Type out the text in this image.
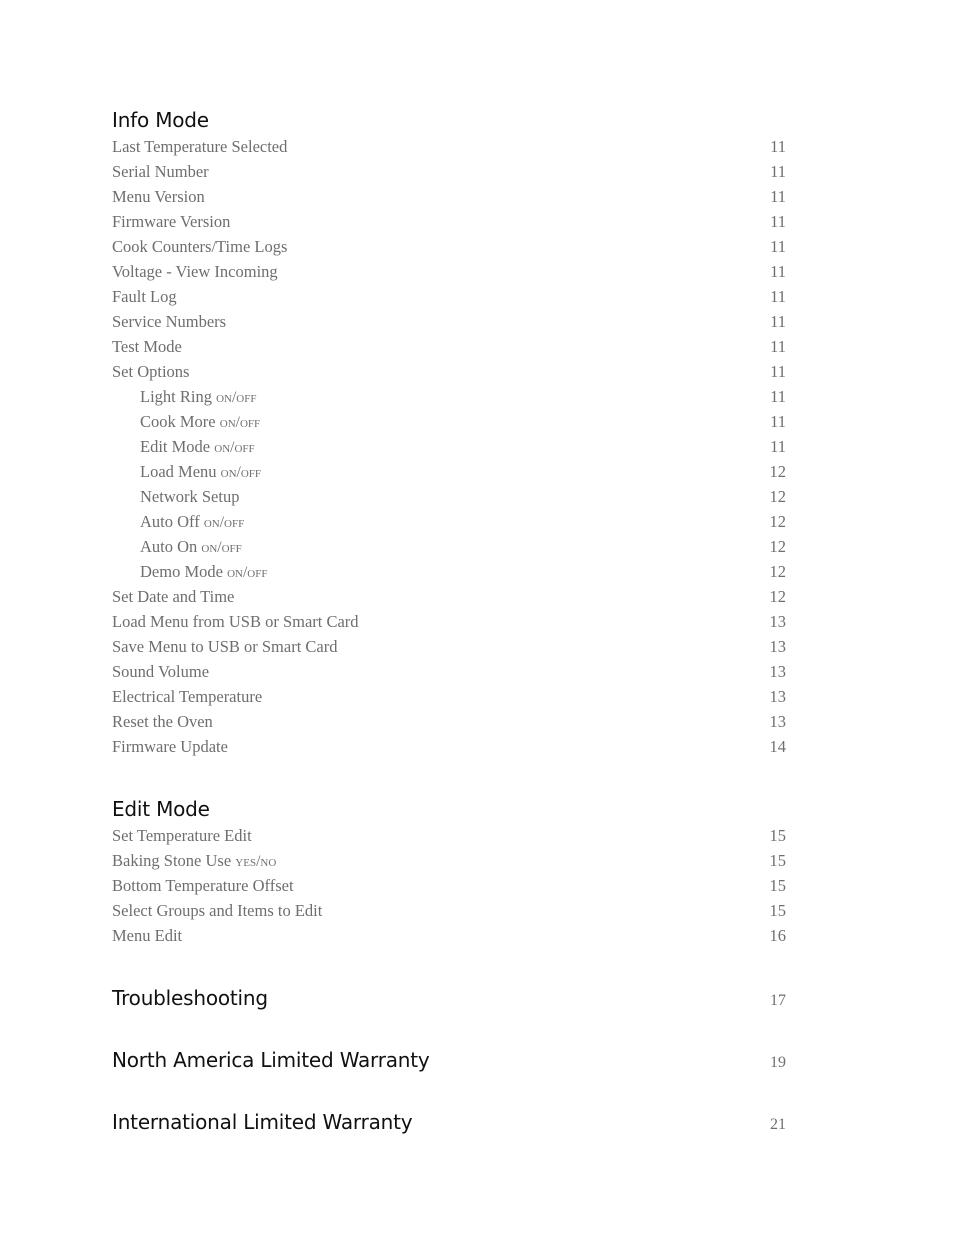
Info Mode
Last Temperature Selected	11
Serial Number	11
Menu Version	11
Firmware Version	11
Cook Counters/Time Logs	11
Voltage - View Incoming	11
Fault Log	11
Service Numbers	11
Test Mode	11
Set Options	11
Light Ring on/off	11
Cook More on/off	11
Edit Mode on/off	11
Load Menu on/off	12
Network Setup	12
Auto Off on/off	12
Auto On on/off	12
Demo Mode on/off	12
Set Date and Time	12
Load Menu from USB or Smart Card	13
Save Menu to USB or Smart Card	13
Sound Volume	13
Electrical Temperature	13
Reset the Oven	13
Firmware Update	14
Edit Mode
Set Temperature Edit	15
Baking Stone Use yes/no	15
Bottom Temperature Offset	15
Select Groups and Items to Edit	15
Menu Edit	16
Troubleshooting	17
North America Limited Warranty	19
International Limited Warranty	21
